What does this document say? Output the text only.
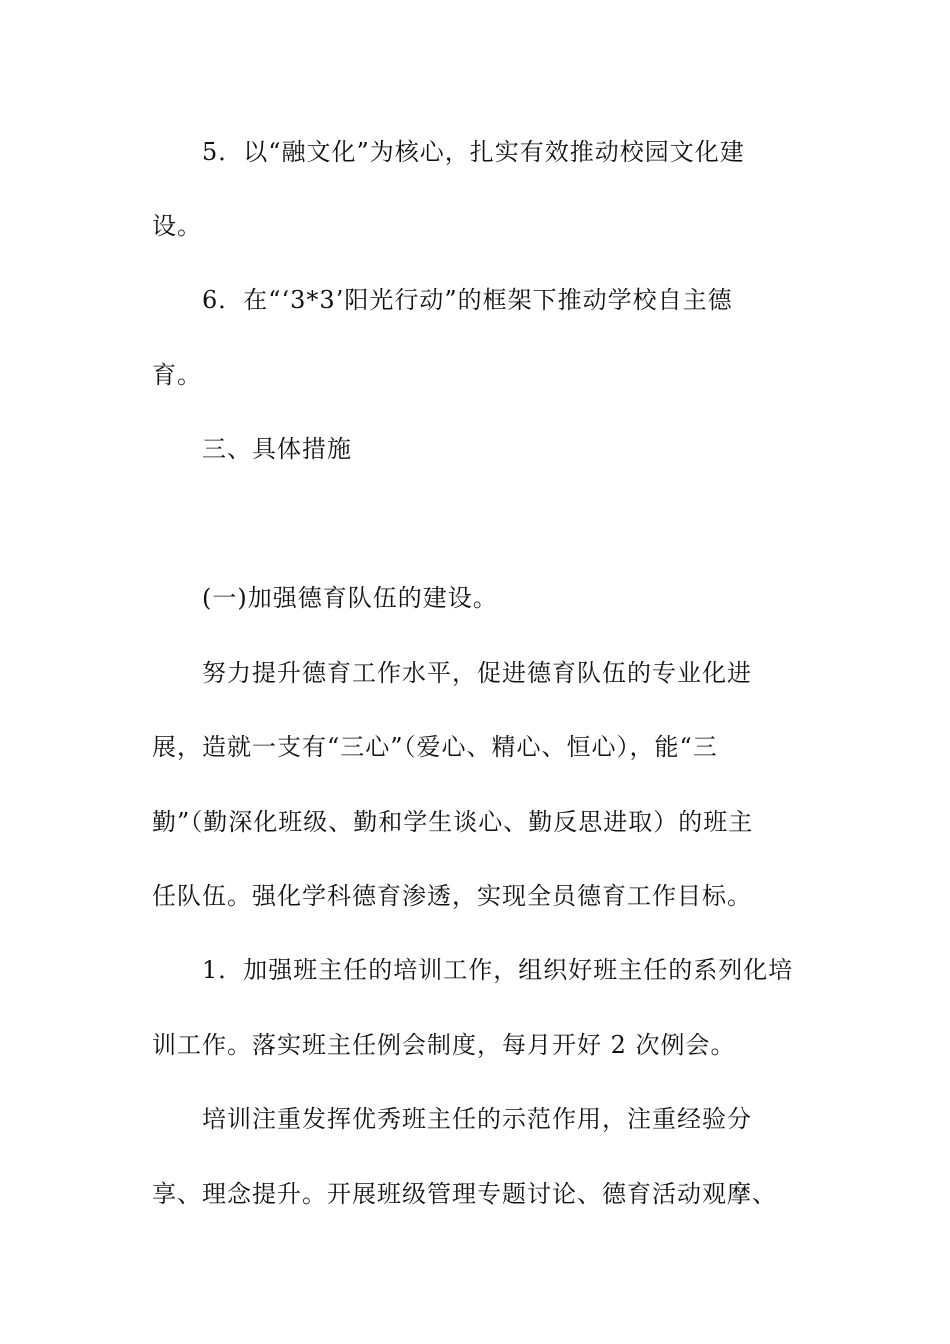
5．以“融文化”为核心，扎实有效推动校园文化建
设。
6．在“‘3*3’阳光行动”的框架下推动学校自主德
育。
三、具体措施
(一)加强德育队伍的建设。
努力提升德育工作水平，促进德育队伍的专业化进
展，造就一支有“三心”（爱心、精心、恒心），能“三
勤”（勤深化班级、勤和学生谈心、勤反思进取）的班主
任队伍。强化学科德育渗透，实现全员德育工作目标。
1．加强班主任的培训工作，组织好班主任的系列化培
训工作。落实班主任例会制度，每月开好 2 次例会。
培训注重发挥优秀班主任的示范作用，注重经验分
享、理念提升。开展班级管理专题讨论、德育活动观摩、
